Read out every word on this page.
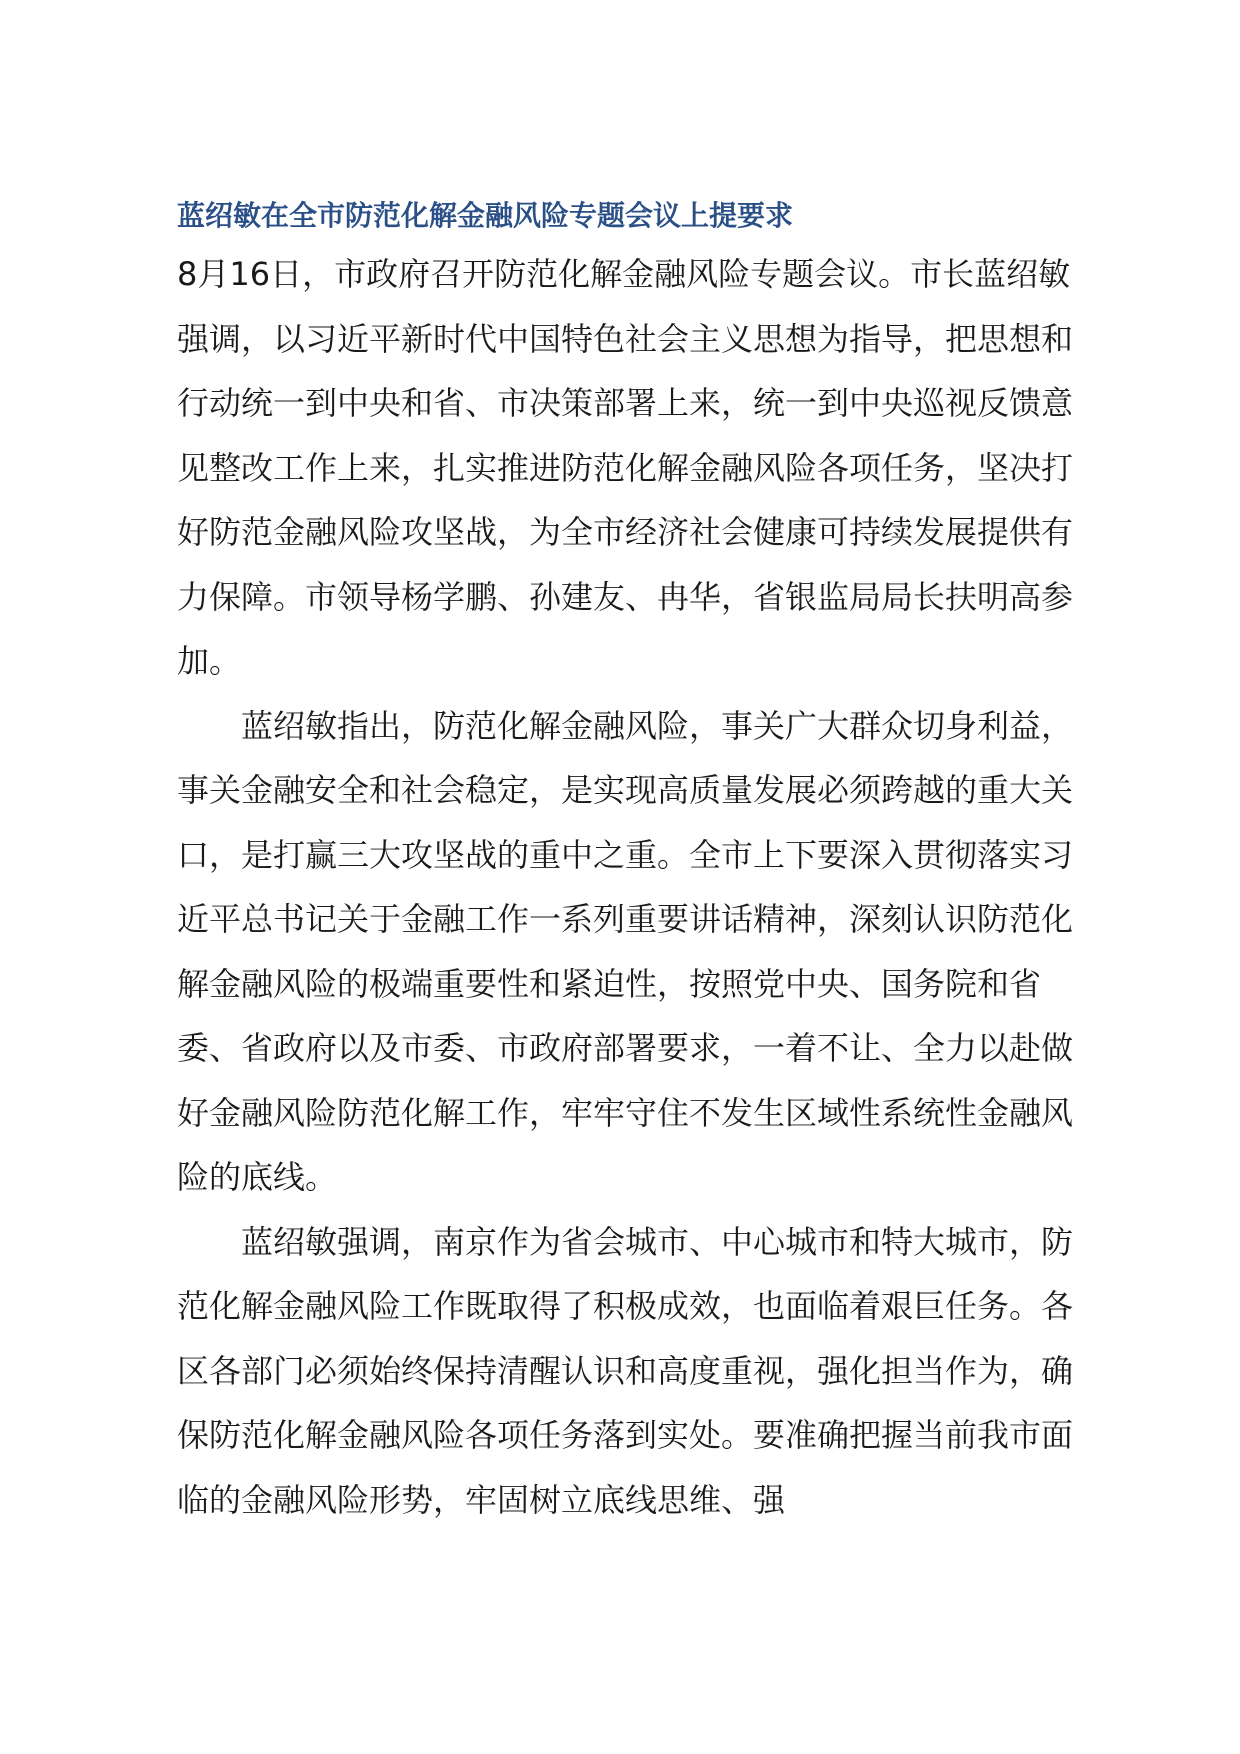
蓝绍敏在全市防范化解金融风险专题会议上提要求

8月16日，市政府召开防范化解金融风险专题会议。市长蓝绍敏强调，以习近平新时代中国特色社会主义思想为指导，把思想和行动统一到中央和省、市决策部署上来，统一到中央巡视反馈意见整改工作上来，扎实推进防范化解金融风险各项任务，坚决打好防范金融风险攻坚战，为全市经济社会健康可持续发展提供有力保障。市领导杨学鹏、孙建友、冉华，省银监局局长扶明高参加。

蓝绍敏指出，防范化解金融风险，事关广大群众切身利益，事关金融安全和社会稳定，是实现高质量发展必须跨越的重大关口，是打赢三大攻坚战的重中之重。全市上下要深入贯彻落实习近平总书记关于金融工作一系列重要讲话精神，深刻认识防范化解金融风险的极端重要性和紧迫性，按照党中央、国务院和省委、省政府以及市委、市政府部署要求，一着不让、全力以赴做好金融风险防范化解工作，牢牢守住不发生区域性系统性金融风险的底线。

蓝绍敏强调，南京作为省会城市、中心城市和特大城市，防范化解金融风险工作既取得了积极成效，也面临着艰巨任务。各区各部门必须始终保持清醒认识和高度重视，强化担当作为，确保防范化解金融风险各项任务落到实处。要准确把握当前我市面临的金融风险形势，牢固树立底线思维、强
